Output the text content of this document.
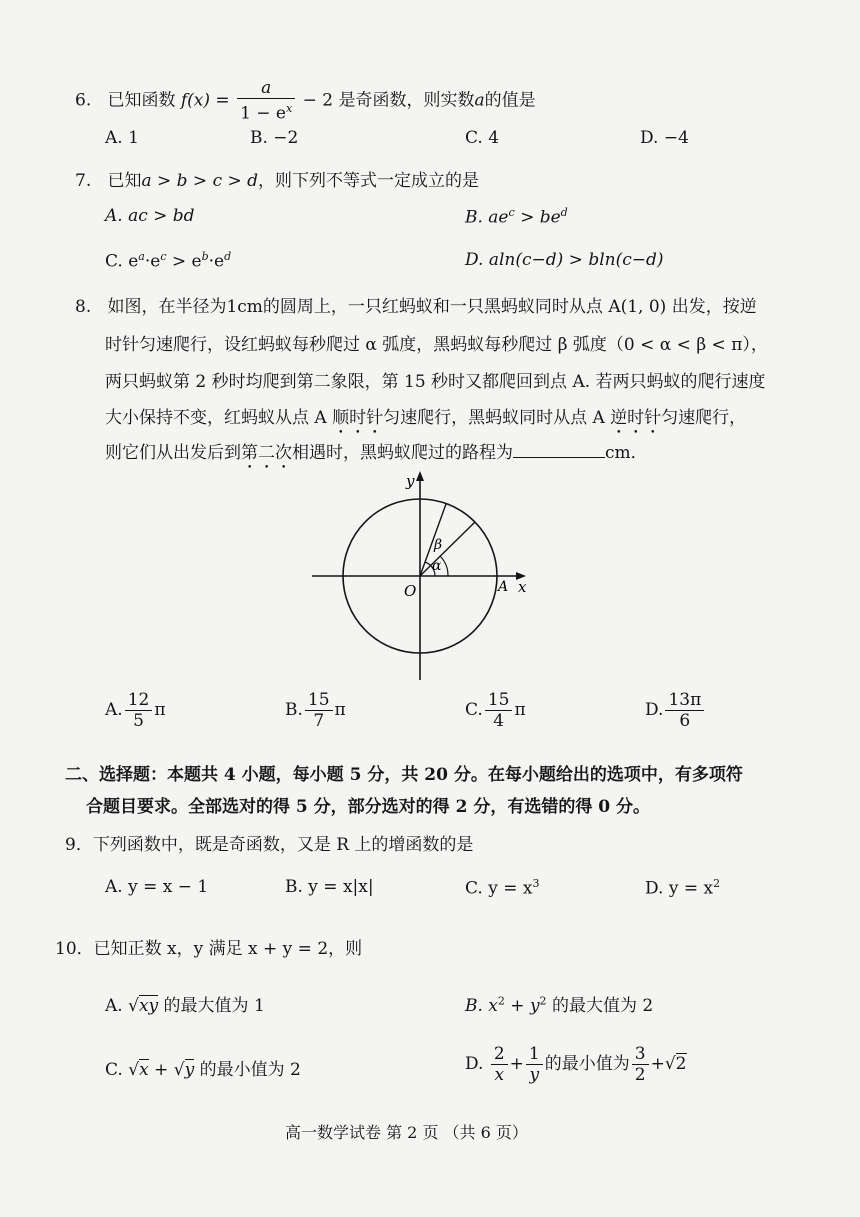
6. 已知函数 $f(x) = \frac{a}{1 - e^x} - 2$ 是奇函数，则实数a的值是
A. 1	B. −2	C. 4	D. −4
7. 已知a > b > c > d，则下列不等式一定成立的是
A. ac > bd	B. $ae^c > be^d$
C. $e^a\cdot e^c > e^b\cdot e^d$	D. aln(c−d) > bln(c−d)
8. 如图，在半径为1cm的圆周上，一只红蚂蚁和一只黑蚂蚁同时从点 A(1, 0) 出发，按逆
时针匀速爬行，设红蚂蚁每秒爬过 α 弧度，黑蚂蚁每秒爬过 β 弧度（0 < α < β < π），
两只蚂蚁第 2 秒时均爬到第二象限，第 15 秒时又都爬回到点 A. 若两只蚂蚁的爬行速度
大小保持不变，红蚂蚁从点 A 顺时针匀速爬行，黑蚂蚁同时从点 A 逆时针匀速爬行，
则它们从出发后到第二次相遇时，黑蚂蚁爬过的路程为	cm．
y
x
O	A
α
β
A. $\frac{12}{5}$ π	B. $\frac{15}{7}$ π	C. $\frac{15}{4}$ π	D. $\frac{13\pi}{6}$
二、选择题：本题共 4 小题，每小题 5 分，共 20 分。在每小题给出的选项中，有多项符
合题目要求。全部选对的得 5 分，部分选对的得 2 分，有选错的得 0 分。
9．下列函数中，既是奇函数，又是 R 上的增函数的是
A. y = x − 1	B. y = x|x|	C. $y = x^3$	D. $y = x^2$
10．已知正数 x，y 满足 x + y = 2，则
A. √xy 的最大值为 1	B. $x^2 + y^2$ 的最大值为 2
C. √x + √y 的最小值为 2	D. $\frac{2}{x} + \frac{1}{y}$ 的最小值为 $\frac{3}{2} +√2$
高一数学试卷 第 2 页 （共 6 页）
